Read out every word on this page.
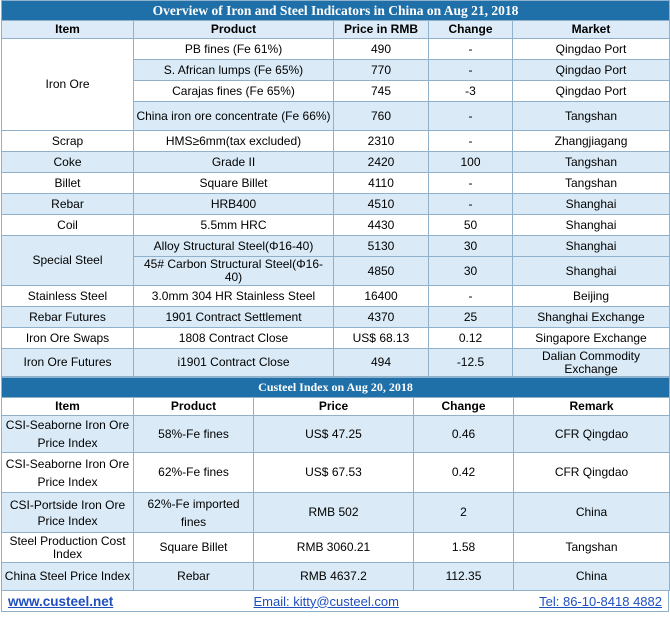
Overview of Iron and Steel Indicators in China on Aug 21, 2018				
Item	Product	Price in RMB	Change	Market
Iron Ore	PB fines (Fe 61%)	490	-	Qingdao Port
	S. African lumps (Fe 65%)	770	-	Qingdao Port
	Carajas fines (Fe 65%)	745	-3	Qingdao Port
	China iron ore concentrate (Fe 66%)	760	-	Tangshan
Scrap	HMS≥6mm(tax excluded)	2310	-	Zhangjiagang
Coke	Grade II	2420	100	Tangshan
Billet	Square Billet	4110	-	Tangshan
Rebar	HRB400	4510	-	Shanghai
Coil	5.5mm HRC	4430	50	Shanghai
Special Steel	Alloy Structural Steel(Φ16-40)	5130	30	Shanghai
	45# Carbon Structural Steel(Φ16-40)	4850	30	Shanghai
Stainless Steel	3.0mm 304 HR Stainless Steel	16400	-	Beijing
Rebar Futures	1901 Contract Settlement	4370	25	Shanghai Exchange
Iron Ore Swaps	1808 Contract Close	US$ 68.13	0.12	Singapore Exchange
Iron Ore Futures	i1901 Contract Close	494	-12.5	Dalian Commodity Exchange
Custeel Index on Aug 20, 2018				
Item	Product	Price	Change	Remark
CSI-Seaborne Iron Ore Price Index	58%-Fe fines	US$ 47.25	0.46	CFR Qingdao
CSI-Seaborne Iron Ore Price Index	62%-Fe fines	US$ 67.53	0.42	CFR Qingdao
CSI-Portside Iron Ore Price Index	62%-Fe imported fines	RMB 502	2	China
Steel Production Cost Index	Square Billet	RMB 3060.21	1.58	Tangshan
China Steel Price Index	Rebar	RMB 4637.2	112.35	China
www.custeel.net	Email: kitty@custeel.com	Tel: 86-10-8418 4882
